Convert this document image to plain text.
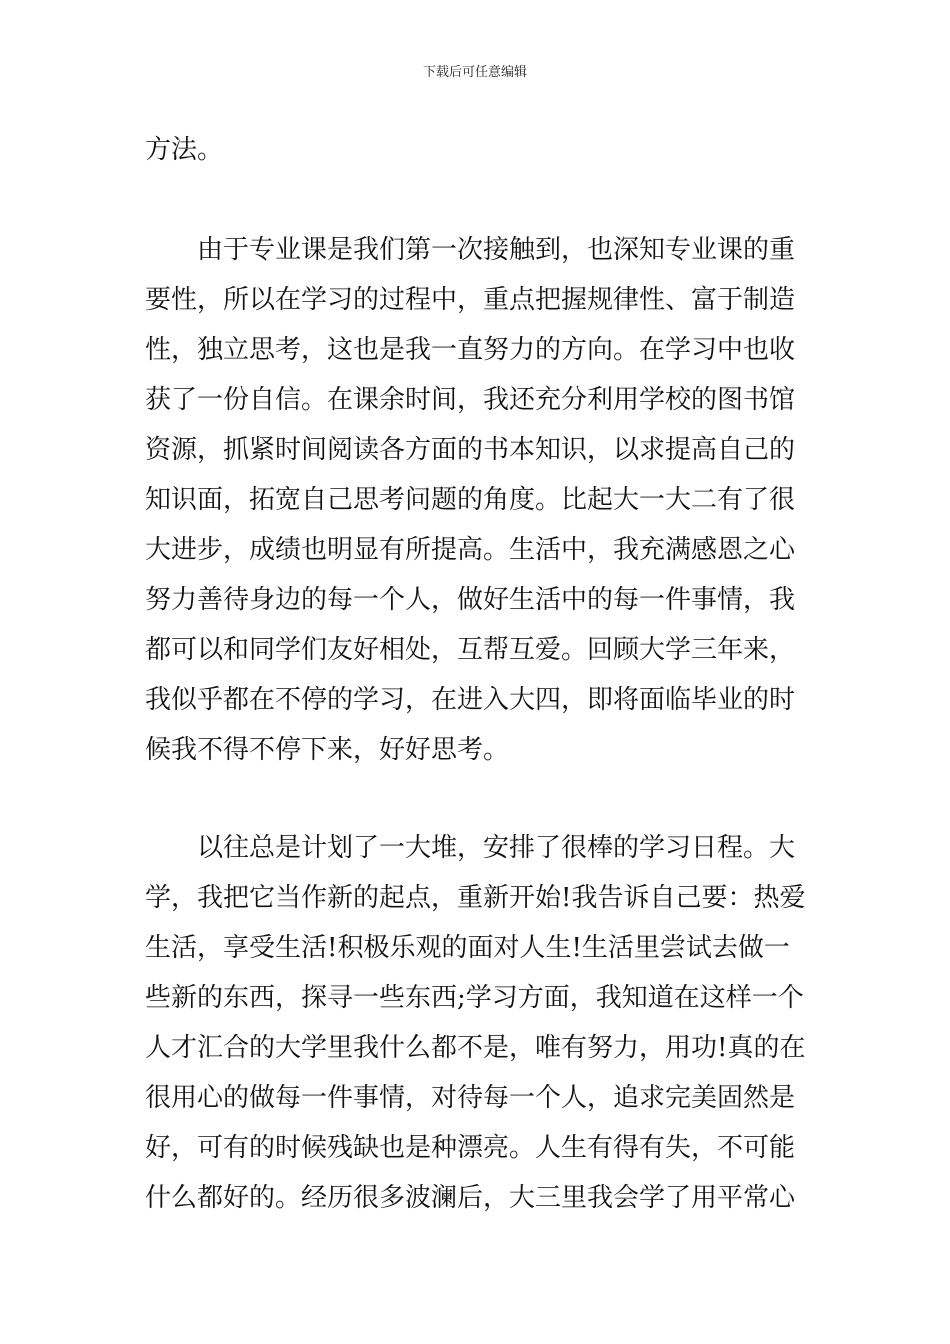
下载后可任意编辑
方法。
　　由于专业课是我们第一次接触到，也深知专业课的重
要性，所以在学习的过程中，重点把握规律性、富于制造
性，独立思考，这也是我一直努力的方向。在学习中也收
获了一份自信。在课余时间，我还充分利用学校的图书馆
资源，抓紧时间阅读各方面的书本知识，以求提高自己的
知识面，拓宽自己思考问题的角度。比起大一大二有了很
大进步，成绩也明显有所提高。生活中，我充满感恩之心
努力善待身边的每一个人，做好生活中的每一件事情，我
都可以和同学们友好相处，互帮互爱。回顾大学三年来，
我似乎都在不停的学习，在进入大四，即将面临毕业的时
候我不得不停下来，好好思考。
　　以往总是计划了一大堆，安排了很棒的学习日程。大
学，我把它当作新的起点，重新开始!我告诉自己要：热爱
生活，享受生活!积极乐观的面对人生!生活里尝试去做一
些新的东西，探寻一些东西;学习方面，我知道在这样一个
人才汇合的大学里我什么都不是，唯有努力，用功!真的在
很用心的做每一件事情，对待每一个人，追求完美固然是
好，可有的时候残缺也是种漂亮。人生有得有失，不可能
什么都好的。经历很多波澜后，大三里我会学了用平常心
